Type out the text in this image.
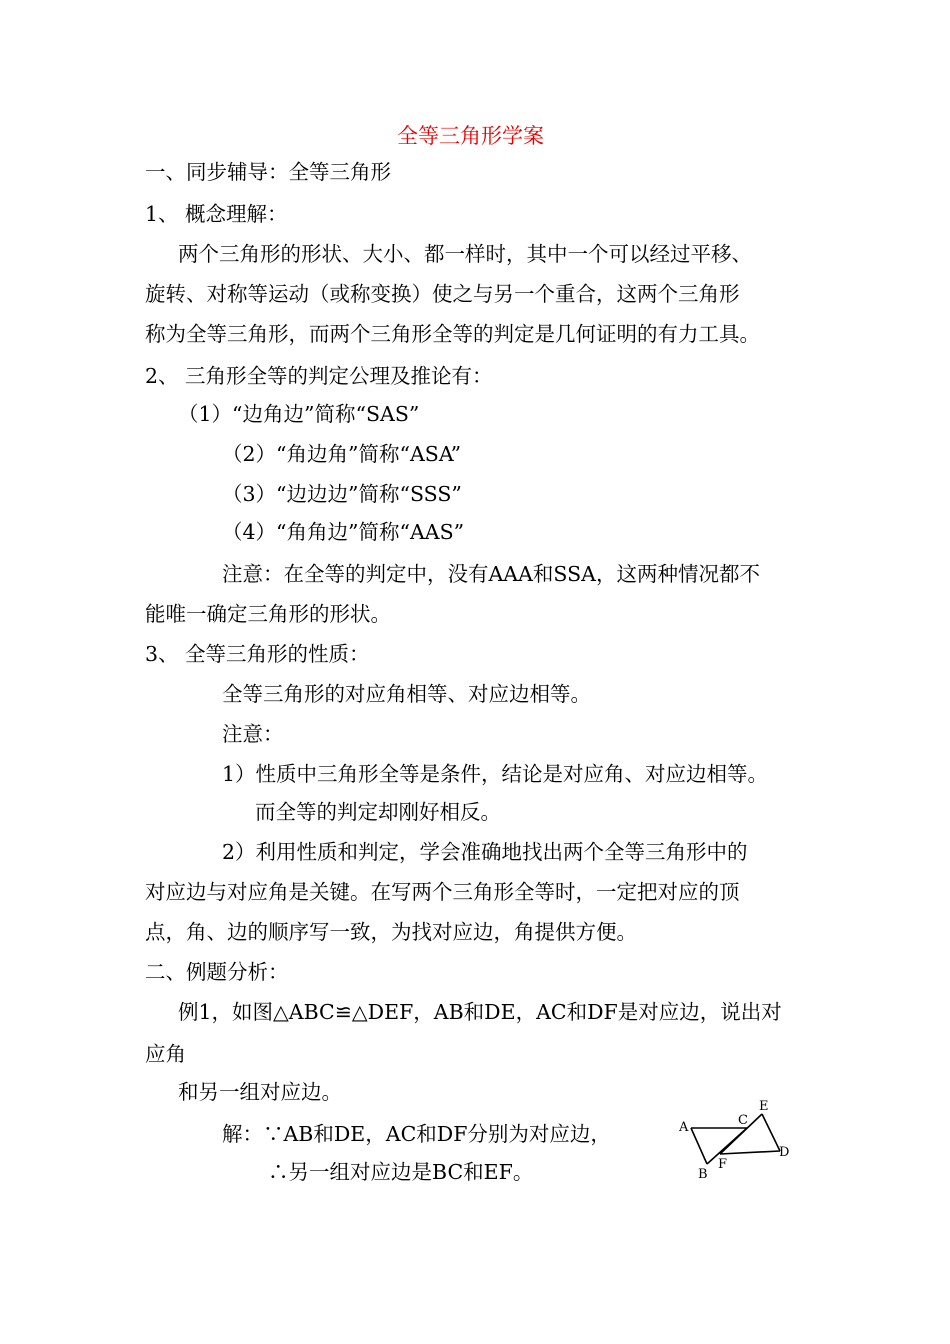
全等三角形学案
一、同步辅导：全等三角形
1、 概念理解：
两个三角形的形状、大小、都一样时，其中一个可以经过平移、
旋转、对称等运动（或称变换）使之与另一个重合，这两个三角形
称为全等三角形，而两个三角形全等的判定是几何证明的有力工具。
2、 三角形全等的判定公理及推论有：
（1）“边角边”简称“SAS”
（2）“角边角”简称“ASA”
（3）“边边边”简称“SSS”
（4）“角角边”简称“AAS”
注意：在全等的判定中，没有AAA和SSA，这两种情况都不
能唯一确定三角形的形状。
3、 全等三角形的性质：
全等三角形的对应角相等、对应边相等。
注意：
1）性质中三角形全等是条件，结论是对应角、对应边相等。
而全等的判定却刚好相反。
2）利用性质和判定，学会准确地找出两个全等三角形中的
对应边与对应角是关键。在写两个三角形全等时，一定把对应的顶
点，角、边的顺序写一致，为找对应边，角提供方便。
二、例题分析：
例1，如图△ABC≌△DEF，AB和DE，AC和DF是对应边，说出对
应角
和另一组对应边。
解：∵AB和DE，AC和DF分别为对应边，
∴另一组对应边是BC和EF。
A
B
C
E
F
D
